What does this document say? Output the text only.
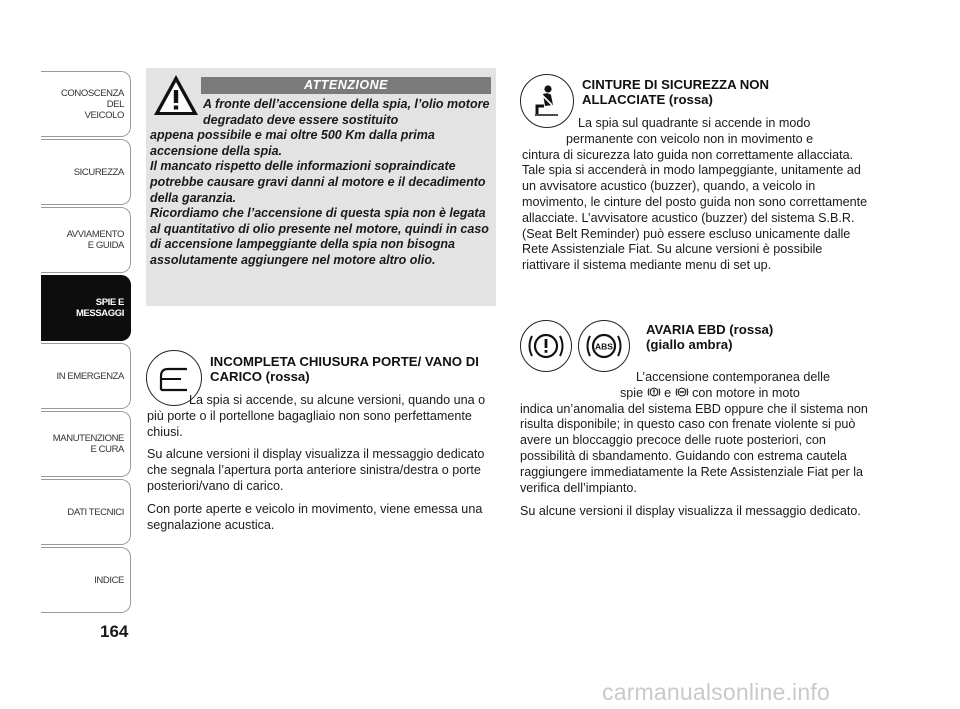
CONOSCENZA
DEL
VEICOLO
SICUREZZA
AVVIAMENTO
E GUIDA
SPIE E
MESSAGGI
IN EMERGENZA
MANUTENZIONE
E CURA
DATI TECNICI
INDICE
164
ATTENZIONE
A fronte dell’accensione della spia, l’olio motore degradato deve essere sostituito
appena possibile e mai oltre 500 Km dalla prima accensione della spia.
Il mancato rispetto delle informazioni sopraindicate potrebbe causare gravi danni al motore e il decadimento della garanzia.
Ricordiamo che l’accensione di questa spia non è legata al quantitativo di olio presente nel motore, quindi in caso di accensione lampeggiante della spia non bisogna assolutamente aggiungere nel motore altro olio.
INCOMPLETA CHIUSURA PORTE/ VANO DI CARICO (rossa)

La spia si accende, su alcune versioni, quando una o più porte o il portellone bagagliaio non sono perfettamente chiusi.

Su alcune versioni il display visualizza il messaggio dedicato che segnala l’apertura porta anteriore sinistra/destra o porte posteriori/vano di carico.

Con porte aperte e veicolo in movimento, viene emessa una segnalazione acustica.

CINTURE DI SICUREZZA NON
ALLACCIATE (rossa)
La spia sul quadrante si accende in modo
permanente con veicolo non in movimento e
cintura di sicurezza lato guida non correttamente allacciata. Tale spia si accenderà in modo lampeggiante, unitamente ad un avvisatore acustico (buzzer), quando, a veicolo in movimento, le cinture del posto guida non sono correttamente allacciate. L’avvisatore acustico (buzzer) del sistema S.B.R. (Seat Belt Reminder) può essere escluso unicamente dalle Rete Assistenziale Fiat. Su alcune versioni è possibile riattivare il sistema mediante menu di set up.
ABS
AVARIA EBD (rossa)
(giallo ambra)

L’accensione contemporanea delle
spie e con motore in moto
indica un’anomalia del sistema EBD oppure che il sistema non risulta disponibile; in questo caso con frenate violente si può avere un bloccaggio precoce delle ruote posteriori, con possibilità di sbandamento. Guidando con estrema cautela raggiungere immediatamente la Rete Assistenziale Fiat per la verifica dell’impianto.

Su alcune versioni il display visualizza il messaggio dedicato.

carmanualsonline.info
